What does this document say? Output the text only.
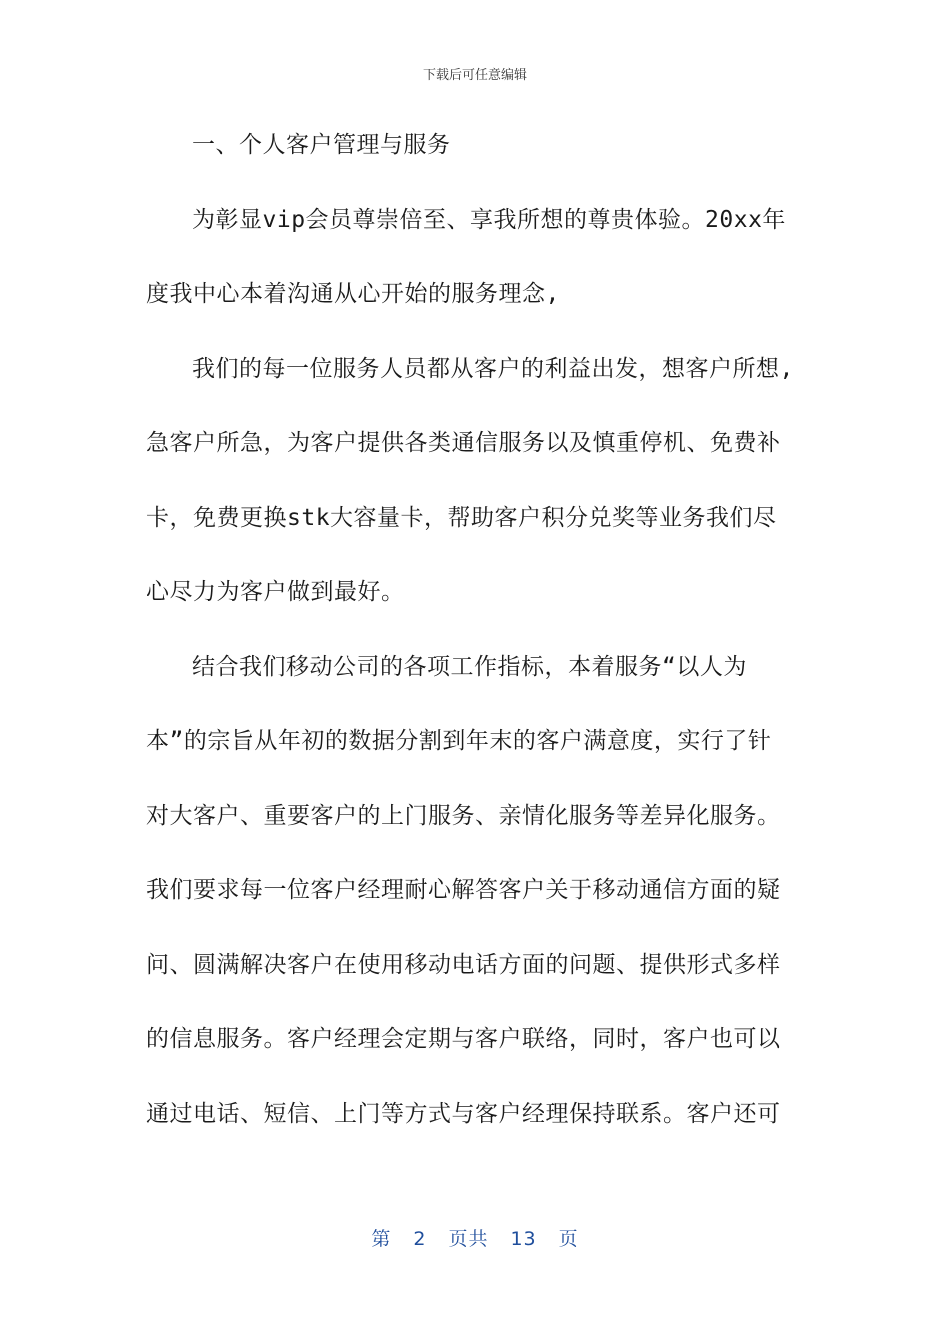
下载后可任意编辑
一、个人客户管理与服务
为彰显vip会员尊崇倍至、享我所想的尊贵体验。20xx年
度我中心本着沟通从心开始的服务理念,
我们的每一位服务人员都从客户的利益出发，想客户所想,
急客户所急，为客户提供各类通信服务以及慎重停机、免费补
卡，免费更换stk大容量卡，帮助客户积分兑奖等业务我们尽
心尽力为客户做到最好。
结合我们移动公司的各项工作指标，本着服务“以人为
本”的宗旨从年初的数据分割到年末的客户满意度，实行了针
对大客户、重要客户的上门服务、亲情化服务等差异化服务。
我们要求每一位客户经理耐心解答客户关于移动通信方面的疑
问、圆满解决客户在使用移动电话方面的问题、提供形式多样
的信息服务。客户经理会定期与客户联络，同时，客户也可以
通过电话、短信、上门等方式与客户经理保持联系。客户还可
第 2 页共 13 页
